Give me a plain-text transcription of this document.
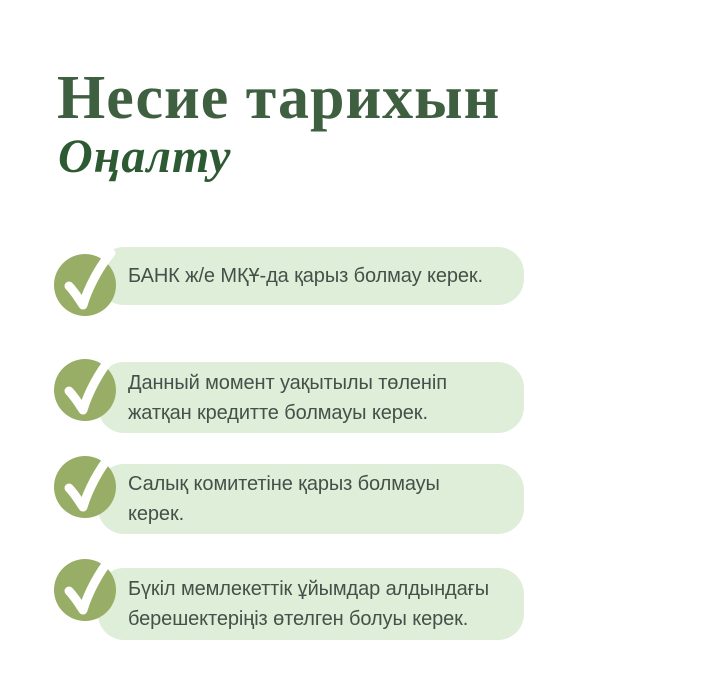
Несие тарихын
Оңалту
БАНК ж/е МҚҰ-да қарыз болмау керек.
Данный момент уақытылы төленіп
жатқан кредитте болмауы керек.
Салық комитетіне қарыз болмауы
керек.
Бүкіл мемлекеттік ұйымдар алдындағы
берешектеріңіз өтелген болуы керек.
